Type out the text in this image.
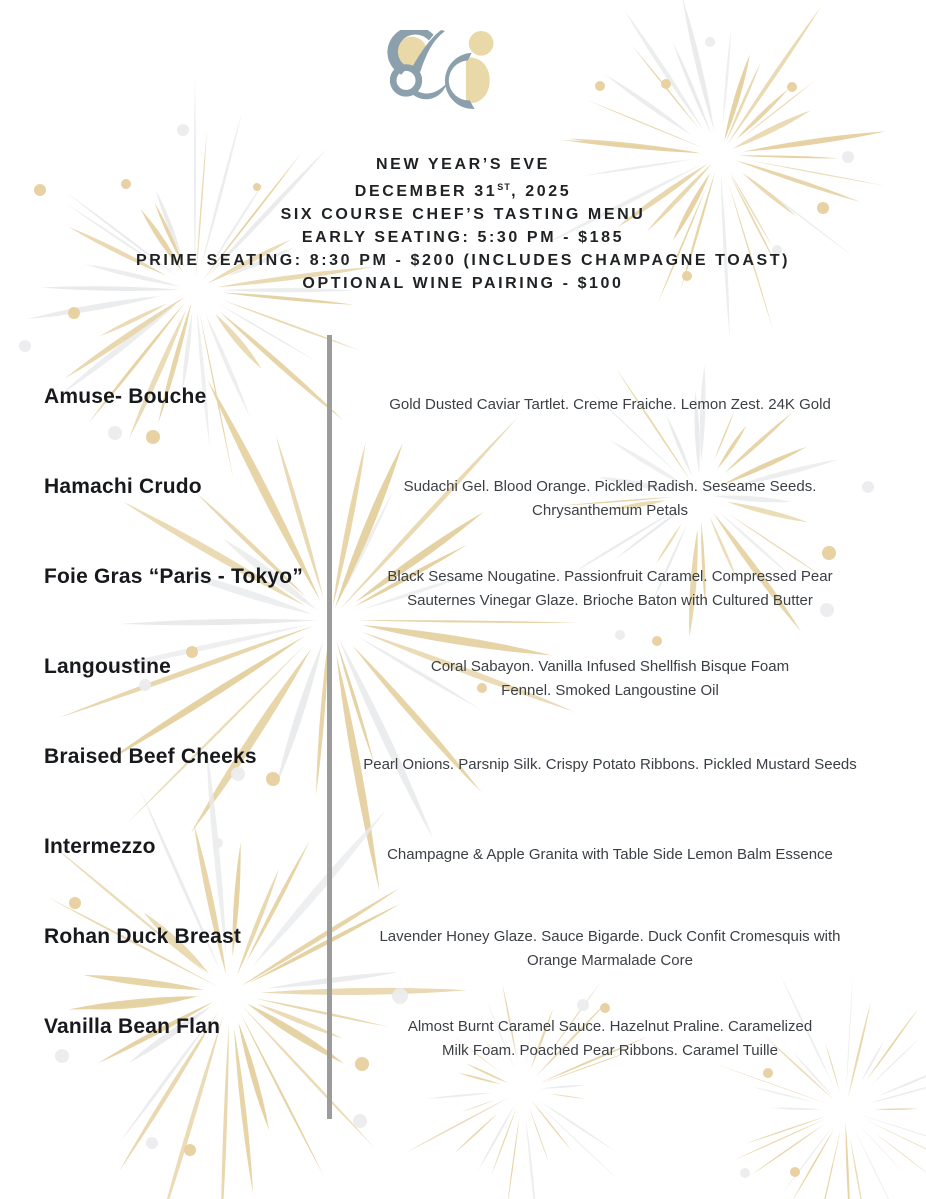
NEW YEAR’S EVE
DECEMBER 31ST, 2025
SIX COURSE CHEF’S TASTING MENU
EARLY SEATING: 5:30 PM - $185
PRIME SEATING: 8:30 PM - $200 (INCLUDES CHAMPAGNE TOAST)
OPTIONAL WINE PAIRING - $100
Amuse- Bouche	Gold Dusted Caviar Tartlet. Creme Fraiche. Lemon Zest. 24K Gold
Hamachi Crudo	Sudachi Gel. Blood Orange. Pickled Radish. Seseame Seeds.
Chrysanthemum Petals
Foie Gras “Paris - Tokyo”	Black Sesame Nougatine. Passionfruit Caramel. Compressed Pear
Sauternes Vinegar Glaze. Brioche Baton with Cultured Butter
Langoustine	Coral Sabayon. Vanilla Infused Shellfish Bisque Foam
Fennel. Smoked Langoustine Oil
Braised Beef Cheeks	Pearl Onions. Parsnip Silk. Crispy Potato Ribbons. Pickled Mustard Seeds
Intermezzo	Champagne & Apple Granita with Table Side Lemon Balm Essence
Rohan Duck Breast	Lavender Honey Glaze. Sauce Bigarde. Duck Confit Cromesquis with
Orange Marmalade Core
Vanilla Bean Flan	Almost Burnt Caramel Sauce. Hazelnut Praline. Caramelized
Milk Foam. Poached Pear Ribbons. Caramel Tuille
